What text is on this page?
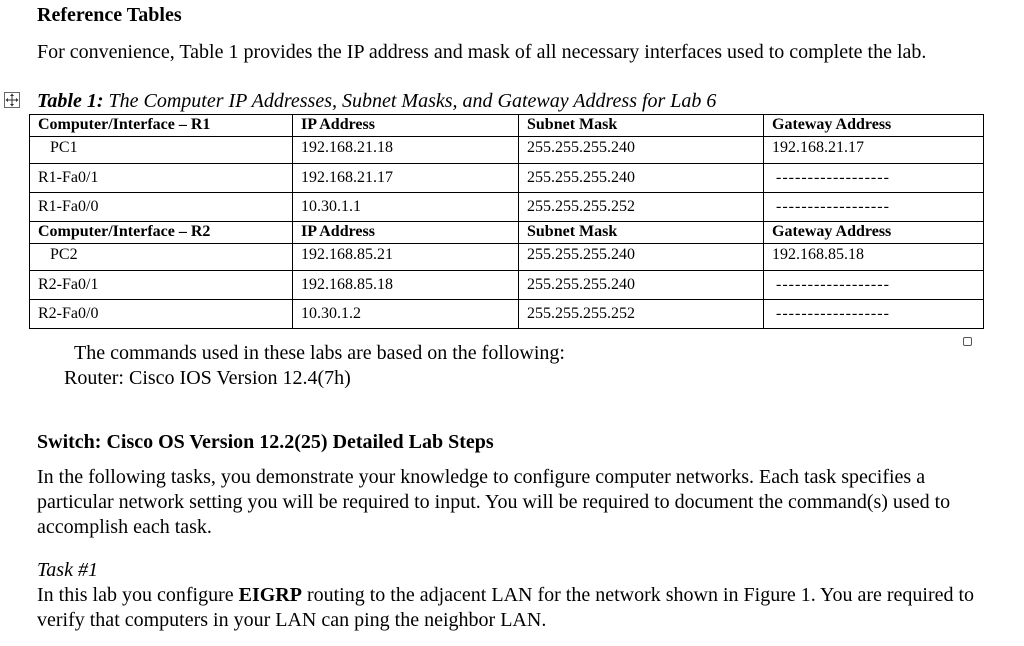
Reference Tables
For convenience, Table 1 provides the IP address and mask of all necessary interfaces used to complete the lab.
Table 1: The Computer IP Addresses, Subnet Masks, and Gateway Address for Lab 6
Computer/Interface – R1	IP Address	Subnet Mask	Gateway Address
PC1	192.168.21.18	255.255.255.240	192.168.21.17
R1-Fa0/1	192.168.21.17	255.255.255.240	------------------
R1-Fa0/0	10.30.1.1	255.255.255.252	------------------
Computer/Interface – R2	IP Address	Subnet Mask	Gateway Address
PC2	192.168.85.21	255.255.255.240	192.168.85.18
R2-Fa0/1	192.168.85.18	255.255.255.240	------------------
R2-Fa0/0	10.30.1.2	255.255.255.252	------------------
The commands used in these labs are based on the following:
Router: Cisco IOS Version 12.4(7h)
Switch: Cisco OS Version 12.2(25) Detailed Lab Steps
In the following tasks, you demonstrate your knowledge to configure computer networks. Each task specifies a particular network setting you will be required to input. You will be required to document the command(s) used to accomplish each task.
Task #1
In this lab you configure EIGRP routing to the adjacent LAN for the network shown in Figure 1. You are required to verify that computers in your LAN can ping the neighbor LAN.
